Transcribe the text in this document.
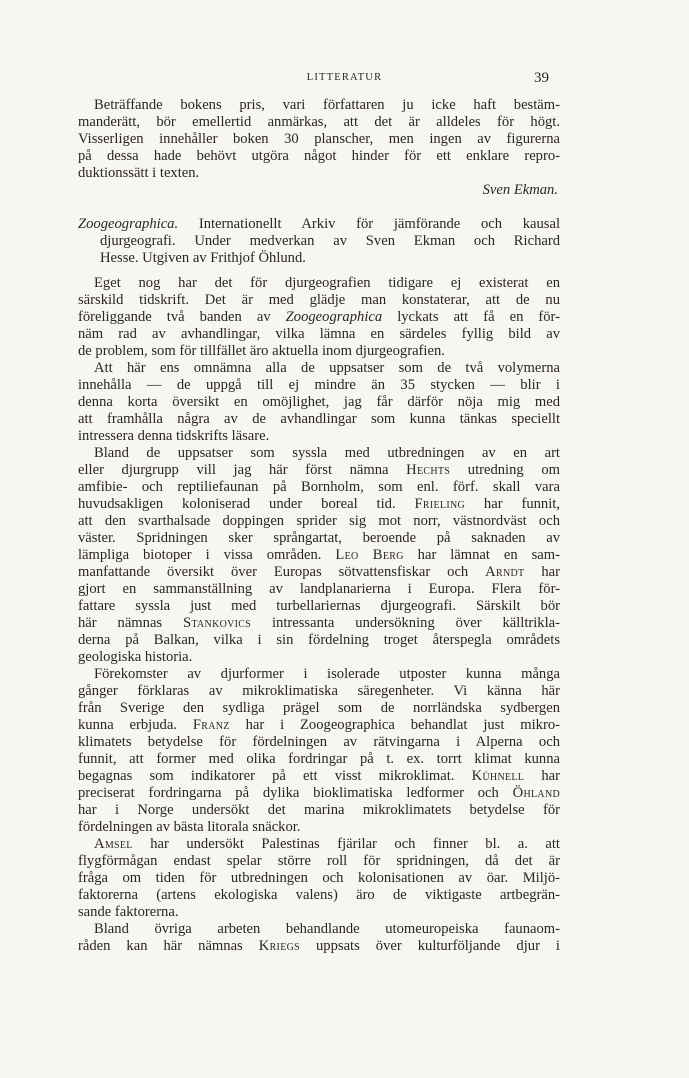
LITTERATUR	39
Beträffande bokens pris, vari författaren ju icke haft bestäm-
manderätt, bör emellertid anmärkas, att det är alldeles för högt.
Visserligen innehåller boken 30 planscher, men ingen av figurerna
på dessa hade behövt utgöra något hinder för ett enklare repro-
duktionssätt i texten.
Sven Ekman.
Zoogeographica. Internationellt Arkiv för jämförande och kausal
djurgeografi. Under medverkan av Sven Ekman och Richard
Hesse. Utgiven av Frithjof Öhlund.
Eget nog har det för djurgeografien tidigare ej existerat en
särskild tidskrift. Det är med glädje man konstaterar, att de nu
föreliggande två banden av Zoogeographica lyckats att få en för-
näm rad av avhandlingar, vilka lämna en särdeles fyllig bild av
de problem, som för tillfället äro aktuella inom djurgeografien.
Att här ens omnämna alla de uppsatser som de två volymerna
innehålla — de uppgå till ej mindre än 35 stycken — blir i
denna korta översikt en omöjlighet, jag får därför nöja mig med
att framhålla några av de avhandlingar som kunna tänkas speciellt
intressera denna tidskrifts läsare.
Bland de uppsatser som syssla med utbredningen av en art
eller djurgrupp vill jag här först nämna Hechts utredning om
amfibie- och reptiliefaunan på Bornholm, som enl. förf. skall vara
huvudsakligen koloniserad under boreal tid. Frieling har funnit,
att den svarthalsade doppingen sprider sig mot norr, västnordväst och
väster. Spridningen sker språngartat, beroende på saknaden av
lämpliga biotoper i vissa områden. Leo Berg har lämnat en sam-
manfattande översikt över Europas sötvattensfiskar och Arndt har
gjort en sammanställning av landplanarierna i Europa. Flera för-
fattare syssla just med turbellariernas djurgeografi. Särskilt bör
här nämnas Stankovics intressanta undersökning över källtrikla-
derna på Balkan, vilka i sin fördelning troget återspegla områdets
geologiska historia.
Förekomster av djurformer i isolerade utposter kunna många
gånger förklaras av mikroklimatiska säregenheter. Vi känna här
från Sverige den sydliga prägel som de norrländska sydbergen
kunna erbjuda. Franz har i Zoogeographica behandlat just mikro-
klimatets betydelse för fördelningen av rätvingarna i Alperna och
funnit, att former med olika fordringar på t. ex. torrt klimat kunna
begagnas som indikatorer på ett visst mikroklimat. Kühnell har
preciserat fordringarna på dylika bioklimatiska ledformer och Öhland
har i Norge undersökt det marina mikroklimatets betydelse för
fördelningen av bästa litorala snäckor.
Amsel har undersökt Palestinas fjärilar och finner bl. a. att
flygförmågan endast spelar större roll för spridningen, då det är
fråga om tiden för utbredningen och kolonisationen av öar. Miljö-
faktorerna (artens ekologiska valens) äro de viktigaste artbegrän-
sande faktorerna.
Bland övriga arbeten behandlande utomeuropeiska faunaom-
råden kan här nämnas Kriegs uppsats över kulturföljande djur i
